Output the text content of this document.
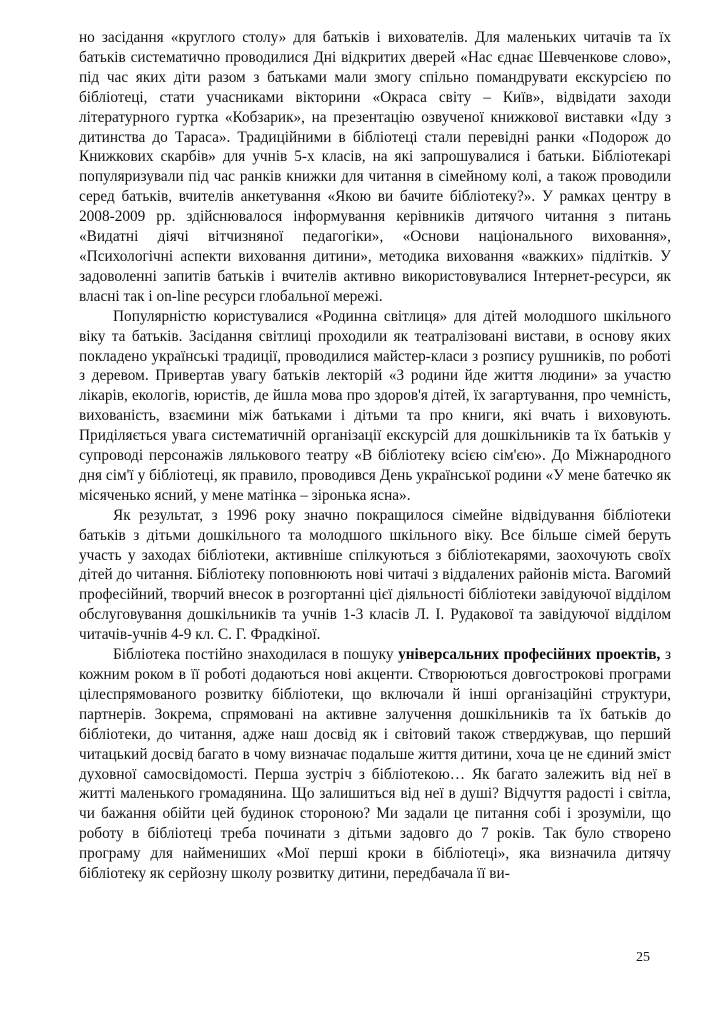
но засідання «круглого столу» для батьків і вихователів. Для маленьких читачів та їх батьків систематично проводилися Дні відкритих дверей «Нас єднає Шевченкове слово», під час яких діти разом з батьками мали змогу спільно помандрувати екскурсією по бібліотеці, стати учасниками вікторини «Окраса світу – Київ», відвідати заходи літературного гуртка «Кобзарик», на презентацію озвученої книжкової виставки «Іду з дитинства до Тараса». Традиційними в бібліотеці стали перевідні ранки «Подорож до Книжкових скарбів» для учнів 5-х класів, на які запрошувалися і батьки. Бібліотекарі популяризували під час ранків книжки для читання в сімейному колі, а також проводили серед батьків, вчителів анкетування «Якою ви бачите бібліотеку?». У рамках центру в 2008-2009 рр. здійснювалося інформування керівників дитячого читання з питань «Видатні діячі вітчизняної педагогіки», «Основи національного виховання», «Психологічні аспекти виховання дитини», методика виховання «важких» підлітків. У задоволенні запитів батьків і вчителів активно використовувалися Інтернет-ресурси, як власні так і on-line ресурси глобальної мережі.

Популярністю користувалися «Родинна світлиця» для дітей молодшого шкільного віку та батьків. Засідання світлиці проходили як театралізовані вистави, в основу яких покладено українські традиції, проводилися майстер-класи з розпису рушників, по роботі з деревом. Привертав увагу батьків лекторій «З родини йде життя людини» за участю лікарів, екологів, юристів, де йшла мова про здоров'я дітей, їх загартування, про чемність, вихованість, взаємини між батьками і дітьми та про книги, які вчать і виховують. Приділяється увага систематичній організації екскурсій для дошкільників та їх батьків у супроводі персонажів лялькового театру «В бібліотеку всією сім'єю». До Міжнародного дня сім'ї у бібліотеці, як правило, проводився День української родини «У мене батечко як місяченько ясний, у мене матінка – зіронька ясна».

Як результат, з 1996 року значно покращилося сімейне відвідування бібліотеки батьків з дітьми дошкільного та молодшого шкільного віку. Все більше сімей беруть участь у заходах бібліотеки, активніше спілкуються з бібліотекарями, заохочують своїх дітей до читання. Бібліотеку поповнюють нові читачі з віддалених районів міста. Вагомий професійний, творчий внесок в розгортанні цієї діяльності бібліотеки завідуючої відділом обслуговування дошкільників та учнів 1-3 класів Л. І. Рудакової та завідуючої відділом читачів-учнів 4-9 кл. С. Г. Фрадкіної.

Бібліотека постійно знаходилася в пошуку універсальних професійних проектів, з кожним роком в її роботі додаються нові акценти. Створюються довгострокові програми цілеспрямованого розвитку бібліотеки, що включали й інші організаційні структури, партнерів. Зокрема, спрямовані на активне залучення дошкільників та їх батьків до бібліотеки, до читання, адже наш досвід як і світовий також стверджував, що перший читацький досвід багато в чому визначає подальше життя дитини, хоча це не єдиний зміст духовної самосвідомості. Перша зустріч з бібліотекою… Як багато залежить від неї в житті маленького громадянина. Що залишиться від неї в душі? Відчуття радості і світла, чи бажання обійти цей будинок стороною? Ми задали це питання собі і зрозуміли, що роботу в бібліотеці треба починати з дітьми задовго до 7 років. Так було створено програму для наймениших «Мої перші кроки в бібліотеці», яка визначила дитячу бібліотеку як серйозну школу розвитку дитини, передбачала її ви-

25
